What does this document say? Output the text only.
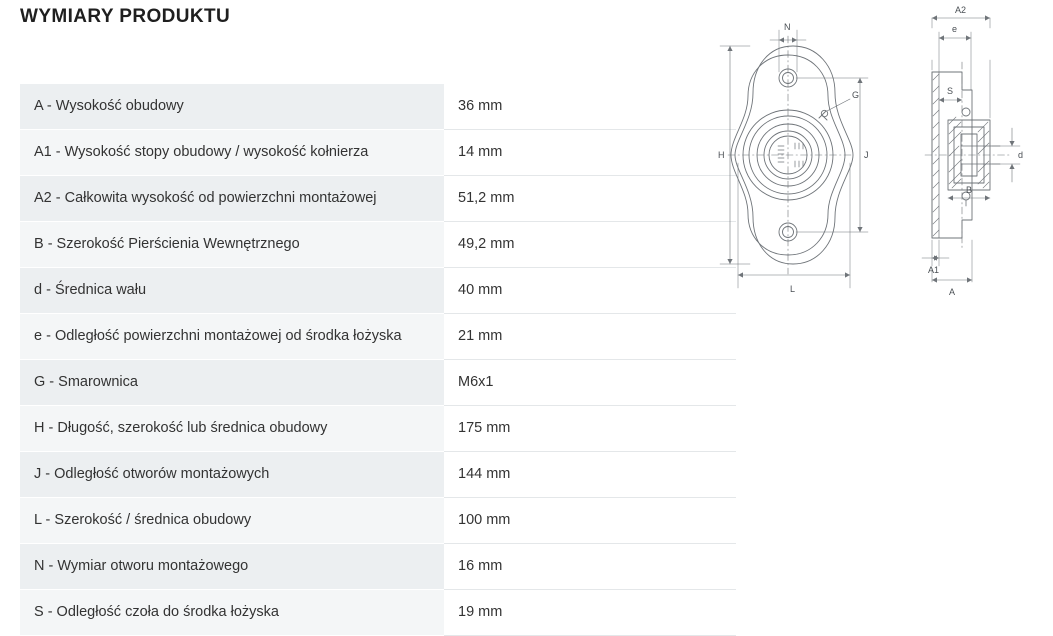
WYMIARY PRODUKTU
A - Wysokość obudowy	36 mm
A1 - Wysokość stopy obudowy / wysokość kołnierza	14 mm
A2 - Całkowita wysokość od powierzchni montażowej	51,2 mm
B - Szerokość Pierścienia Wewnętrznego	49,2 mm
d - Średnica wału	40 mm
e - Odległość powierzchni montażowej od środka łożyska	21 mm
G - Smarownica	M6x1
H - Długość, szerokość lub średnica obudowy	175 mm
J - Odległość otworów montażowych	144 mm
L - Szerokość / średnica obudowy	100 mm
N - Wymiar otworu montażowego	16 mm
S - Odległość czoła do środka łożyska	19 mm
N
G
H	J
L
A2
e
S
B
d
A1
A
